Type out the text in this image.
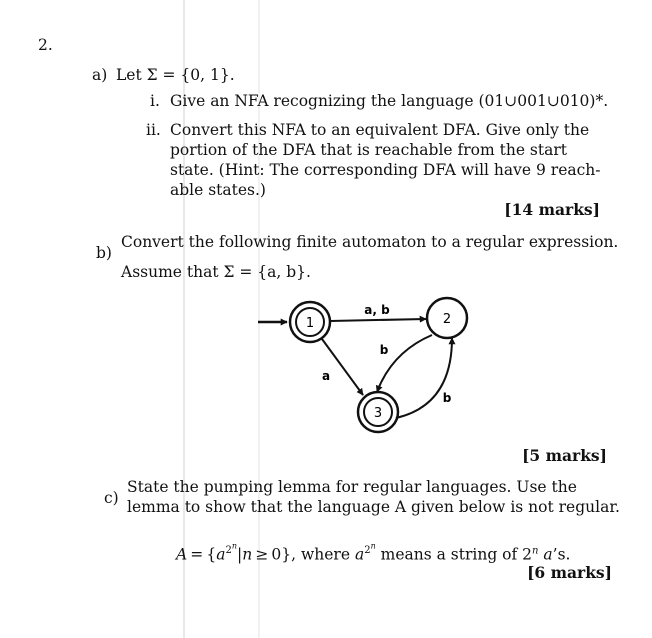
2.
a) Let Σ = {0, 1}.
i. Give an NFA recognizing the language (01∪001∪010)*.
ii. Convert this NFA to an equivalent DFA. Give only the
portion of the DFA that is reachable from the start
state. (Hint: The corresponding DFA will have 9 reach-
able states.)
[14 marks]
b)
Convert the following finite automaton to a regular expression.
Assume that Σ = {a, b}.
1	2
3
a, b
a
b
b
[5 marks]
c)
State the pumping lemma for regular languages. Use the
lemma to show that the language A given below is not regular.
$A = \{a^{2^n}|n \ge 0\}$, where $a^{2^n}$ means a string of 2$^n$ a’s.
[6 marks]
